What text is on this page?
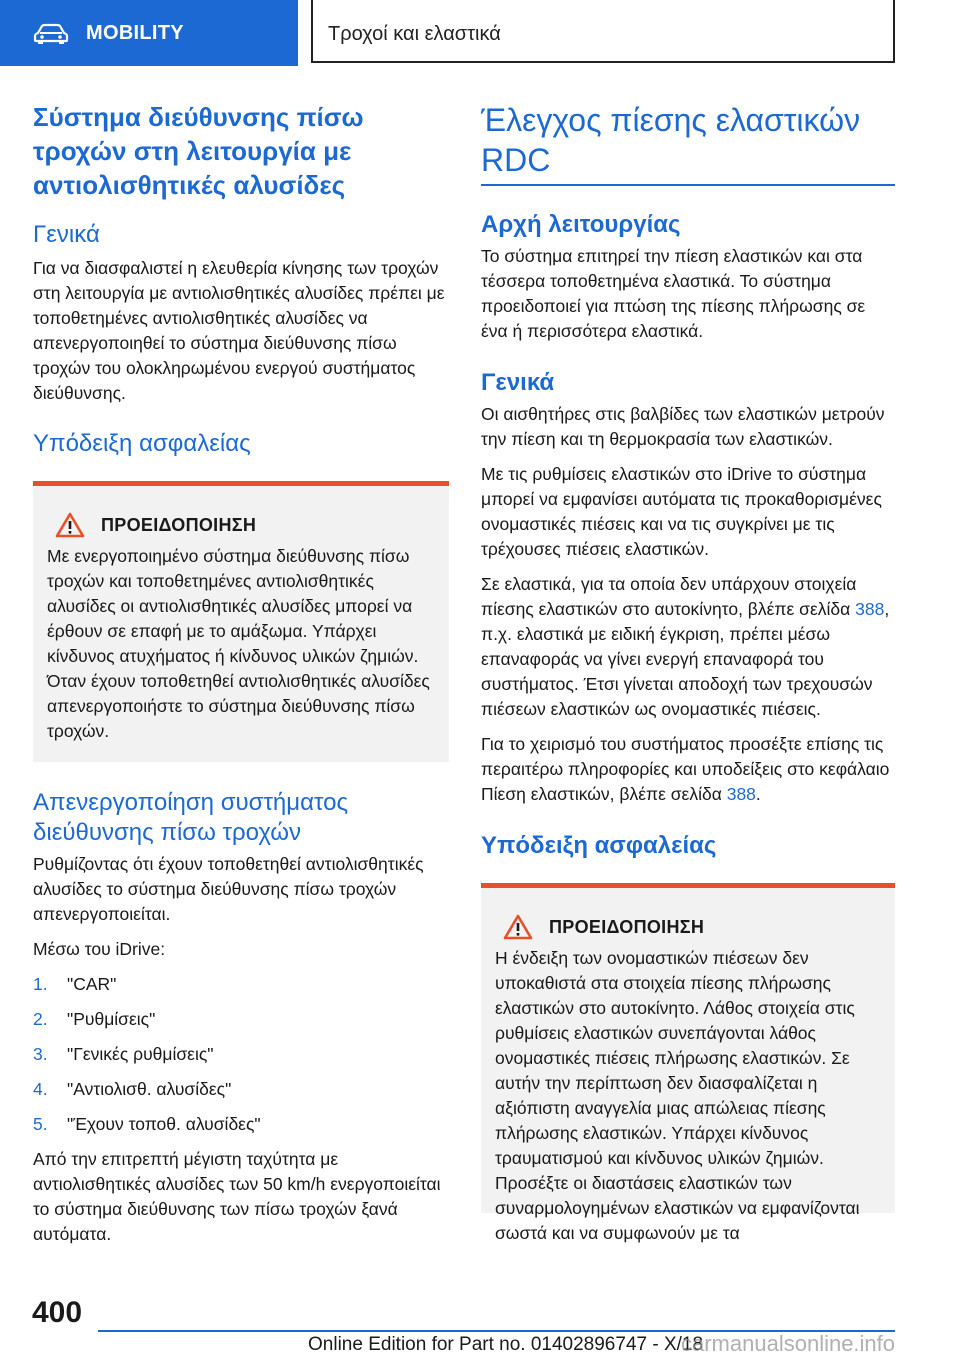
MOBILITY	Τροχοί και ελαστικά
Σύστημα διεύθυνσης πίσω τροχών στη λειτουργία με αντιολισθητικές αλυσίδες
Γενικά

Για να διασφαλιστεί η ελευθερία κίνησης των τροχών στη λειτουργία με αντιολισθητικές αλυσίδες πρέπει με τοποθετημένες αντιολισθητικές αλυσίδες να απενεργοποιηθεί το σύστημα διεύθυνσης πίσω τροχών του ολοκληρωμένου ενεργού συστήματος διεύθυνσης.

Υπόδειξη ασφαλείας
ΠΡΟΕΙΔΟΠΟΙΗΣΗ

Με ενεργοποιημένο σύστημα διεύθυνσης πίσω τροχών και τοποθετημένες αντιολισθητικές αλυσίδες οι αντιολισθητικές αλυσίδες μπορεί να έρθουν σε επαφή με το αμάξωμα. Υπάρχει κίνδυνος ατυχήματος ή κίνδυνος υλικών ζημιών. Όταν έχουν τοποθετηθεί αντιολισθητικές αλυσίδες απενεργοποιήστε το σύστημα διεύθυνσης πίσω τροχών.

Απενεργοποίηση συστήματος διεύθυνσης πίσω τροχών

Ρυθμίζοντας ότι έχουν τοποθετηθεί αντιολισθητικές αλυσίδες το σύστημα διεύθυνσης πίσω τροχών απενεργοποιείται.

Μέσω του iDrive:

1.	"CAR"
2.	"Ρυθμίσεις"
3.	"Γενικές ρυθμίσεις"
4.	"Αντιολισθ. αλυσίδες"
5.	"Έχουν τοποθ. αλυσίδες"

Από την επιτρεπτή μέγιστη ταχύτητα με αντιολισθητικές αλυσίδες των 50 km/h ενεργοποιείται το σύστημα διεύθυνσης των πίσω τροχών ξανά αυτόματα.

Έλεγχος πίεσης ελαστικών RDC
Αρχή λειτουργίας

Το σύστημα επιτηρεί την πίεση ελαστικών και στα τέσσερα τοποθετημένα ελαστικά. Το σύστημα προειδοποιεί για πτώση της πίεσης πλήρωσης σε ένα ή περισσότερα ελαστικά.

Γενικά

Οι αισθητήρες στις βαλβίδες των ελαστικών μετρούν την πίεση και τη θερμοκρασία των ελαστικών.

Με τις ρυθμίσεις ελαστικών στο iDrive το σύστημα μπορεί να εμφανίσει αυτόματα τις προκαθορισμένες ονομαστικές πιέσεις και να τις συγκρίνει με τις τρέχουσες πιέσεις ελαστικών.

Σε ελαστικά, για τα οποία δεν υπάρχουν στοιχεία πίεσης ελαστικών στο αυτοκίνητο, βλέπε σελίδα 388, π.χ. ελαστικά με ειδική έγκριση, πρέπει μέσω επαναφοράς να γίνει ενεργή επαναφορά του συστήματος. Έτσι γίνεται αποδοχή των τρεχουσών πιέσεων ελαστικών ως ονομαστικές πιέσεις.

Για το χειρισμό του συστήματος προσέξτε επίσης τις περαιτέρω πληροφορίες και υποδείξεις στο κεφάλαιο Πίεση ελαστικών, βλέπε σελίδα 388.

Υπόδειξη ασφαλείας
ΠΡΟΕΙΔΟΠΟΙΗΣΗ

Η ένδειξη των ονομαστικών πιέσεων δεν υποκαθιστά στα στοιχεία πίεσης πλήρωσης ελαστικών στο αυτοκίνητο. Λάθος στοιχεία στις ρυθμίσεις ελαστικών συνεπάγονται λάθος ονομαστικές πιέσεις πλήρωσης ελαστικών. Σε αυτήν την περίπτωση δεν διασφαλίζεται η αξιόπιστη αναγγελία μιας απώλειας πίεσης πλήρωσης ελαστικών. Υπάρχει κίνδυνος τραυματισμού και κίνδυνος υλικών ζημιών. Προσέξτε οι διαστάσεις ελαστικών των συναρμολογημένων ελαστικών να εμφανίζονται σωστά και να συμφωνούν με τα

400
Online Edition for Part no. 01402896747 - X/18
carmanualsonline.info
